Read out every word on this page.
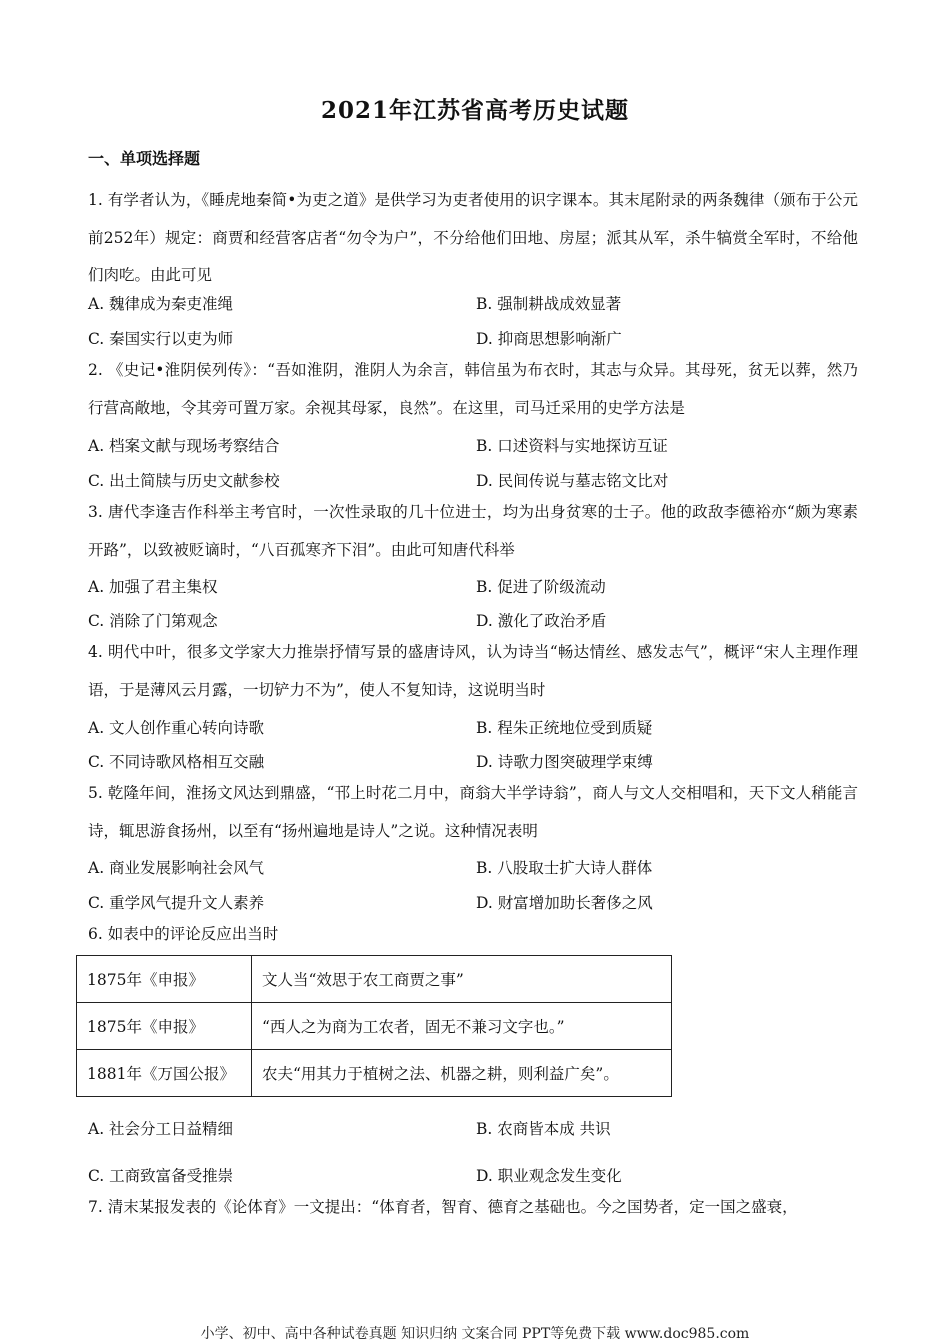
2021年江苏省高考历史试题
一、单项选择题
1. 有学者认为，《睡虎地秦简•为吏之道》是供学习为吏者使用的识字课本。其末尾附录的两条魏律（颁布于公元前252年）规定：商贾和经营客店者“勿令为户”，不分给他们田地、房屋；派其从军，杀牛犒赏全军时，不给他们肉吃。由此可见
A. 魏律成为秦吏准绳	B. 强制耕战成效显著
C. 秦国实行以吏为师	D. 抑商思想影响渐广
2. 《史记•淮阴侯列传》：“吾如淮阴，淮阴人为余言，韩信虽为布衣时，其志与众异。其母死，贫无以葬，然乃行营高敞地，令其旁可置万家。余视其母冢，良然”。在这里，司马迁采用的史学方法是
A. 档案文献与现场考察结合	B. 口述资料与实地探访互证
C. 出土简牍与历史文献参校	D. 民间传说与墓志铭文比对
3. 唐代李逢吉作科举主考官时，一次性录取的几十位进士，均为出身贫寒的士子。他的政敌李德裕亦“颇为寒素开路”，以致被贬谪时，“八百孤寒齐下泪”。由此可知唐代科举
A. 加强了君主集权	B. 促进了阶级流动
C. 消除了门第观念	D. 激化了政治矛盾
4. 明代中叶，很多文学家大力推崇抒情写景的盛唐诗风，认为诗当“畅达情丝、感发志气”，概评“宋人主理作理语，于是薄风云月露，一切铲力不为”，使人不复知诗，这说明当时
A. 文人创作重心转向诗歌	B. 程朱正统地位受到质疑
C. 不同诗歌风格相互交融	D. 诗歌力图突破理学束缚
5. 乾隆年间，淮扬文风达到鼎盛，“邗上时花二月中，商翁大半学诗翁”，商人与文人交相唱和，天下文人稍能言诗，辄思游食扬州，以至有“扬州遍地是诗人”之说。这种情况表明
A. 商业发展影响社会风气	B. 八股取士扩大诗人群体
C. 重学风气提升文人素养	D. 财富增加助长奢侈之风
6. 如表中的评论反应出当时
1875年《申报》	文人当“效思于农工商贾之事”
1875年《申报》	“西人之为商为工农者，固无不兼习文字也。”
1881年《万国公报》	农夫“用其力于植树之法、机器之耕，则利益广矣”。
A. 社会分工日益精细	B. 农商皆本成 共识
C. 工商致富备受推崇	D. 职业观念发生变化
7. 清末某报发表的《论体育》一文提出：“体育者，智育、德育之基础也。今之国势者，定一国之盛衰，
小学、初中、高中各种试卷真题 知识归纳 文案合同 PPT等免费下载 www.doc985.com
